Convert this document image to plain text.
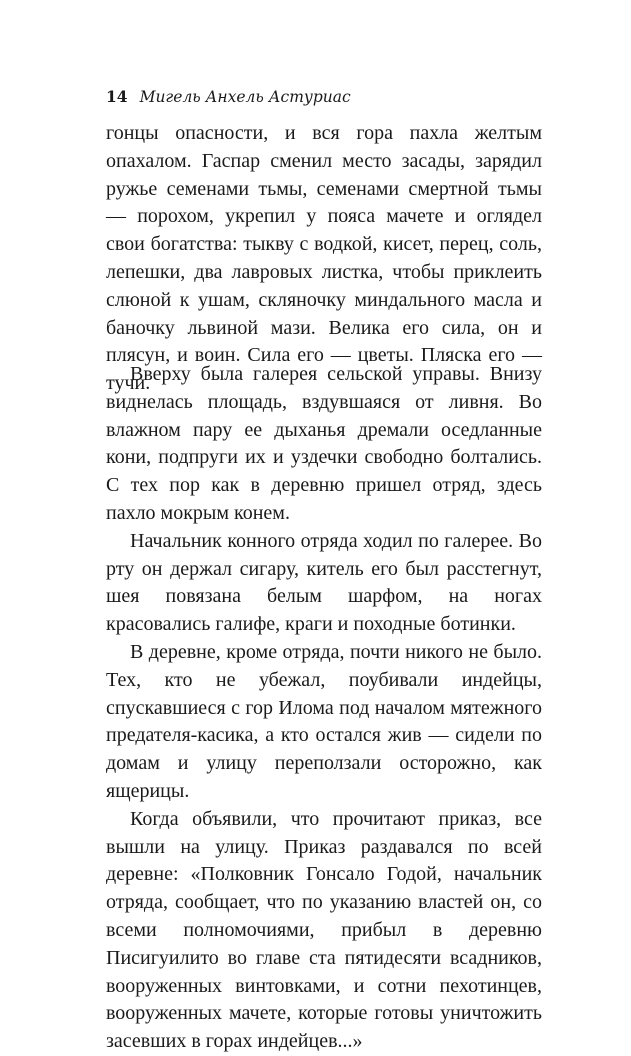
14 Мигель Анхель Астуриас

гонцы опасности, и вся гора пахла желтым опахалом. Гаспар сменил место засады, зарядил ружье семенами тьмы, семенами смертной тьмы — порохом, укрепил у пояса мачете и оглядел свои богатства: тыкву с водкой, кисет, перец, соль, лепешки, два лавровых листка, чтобы приклеить слюной к ушам, скляночку миндального масла и баночку львиной мази. Велика его сила, он и плясун, и воин. Сила его — цветы. Пляска его — тучи.

Вверху была галерея сельской управы. Внизу виднелась площадь, вздувшаяся от ливня. Во влажном пару ее дыханья дремали оседланные кони, подпруги их и уздечки свободно болтались. С тех пор как в деревню пришел отряд, здесь пахло мокрым конем.

Начальник конного отряда ходил по галерее. Во рту он держал сигару, китель его был расстегнут, шея повязана белым шарфом, на ногах красовались галифе, краги и походные ботинки.

В деревне, кроме отряда, почти никого не было. Тех, кто не убежал, поубивали индейцы, спускавшиеся с гор Илома под началом мятежного предателя-касика, а кто остался жив — сидели по домам и улицу переползали осторожно, как ящерицы.

Когда объявили, что прочитают приказ, все вышли на улицу. Приказ раздавался по всей деревне: «Полковник Гонсало Годой, начальник отряда, сообщает, что по указанию властей он, со всеми полномочиями, прибыл в деревню Писигуилито во главе ста пятидесяти всадников, вооруженных винтовками, и сотни пехотинцев, вооруженных мачете, которые готовы уничтожить засевших в горах индейцев...»
